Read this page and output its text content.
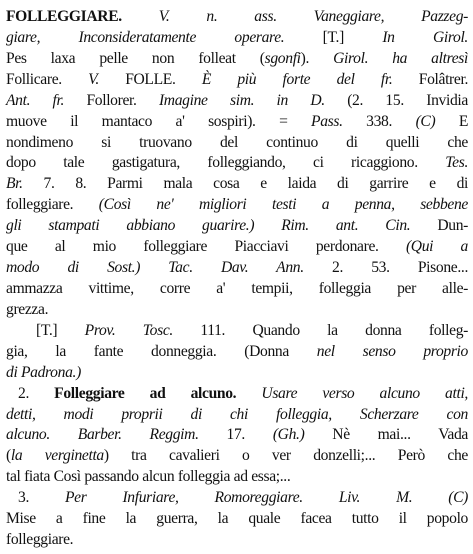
FOLLEGGIARE. V. n. ass. Vaneggiare, Pazzeg-
giare, Inconsideratamente operare. [T.] In Girol.
Pes laxa pelle non folleat (sgonfi). Girol. ha altresì
Follicare. V. FOLLE. È più forte del fr. Folâtrer.
Ant. fr. Follorer. Imagine sim. in D. (2. 15. Invidia
muove il mantaco a' sospiri). = Pass. 338. (C) E
nondimeno si truovano del continuo di quelli che
dopo tale gastigatura, folleggiando, ci ricaggiono. Tes.
Br. 7. 8. Parmi mala cosa e laida di garrire e di
folleggiare. (Così ne' migliori testi a penna, sebbene
gli stampati abbiano guarire.) Rim. ant. Cin. Dun-
que al mio folleggiare Piacciavi perdonare. (Qui a
modo di Sost.) Tac. Dav. Ann. 2. 53. Pisone...
ammazza vittime, corre a' tempii, folleggia per alle-
grezza.
[T.] Prov. Tosc. 111. Quando la donna folleg-
gia, la fante donneggia. (Donna nel senso proprio
di Padrona.)
2. Folleggiare ad alcuno. Usare verso alcuno atti,
detti, modi proprii di chi folleggia, Scherzare con
alcuno. Barber. Reggim. 17. (Gh.) Nè mai... Vada
(la verginetta) tra cavalieri o ver donzelli;... Però che
tal fiata Così passando alcun folleggia ad essa;...
3. Per Infuriare, Romoreggiare. Liv. M. (C)
Mise a fine la guerra, la quale facea tutto il popolo
folleggiare.
